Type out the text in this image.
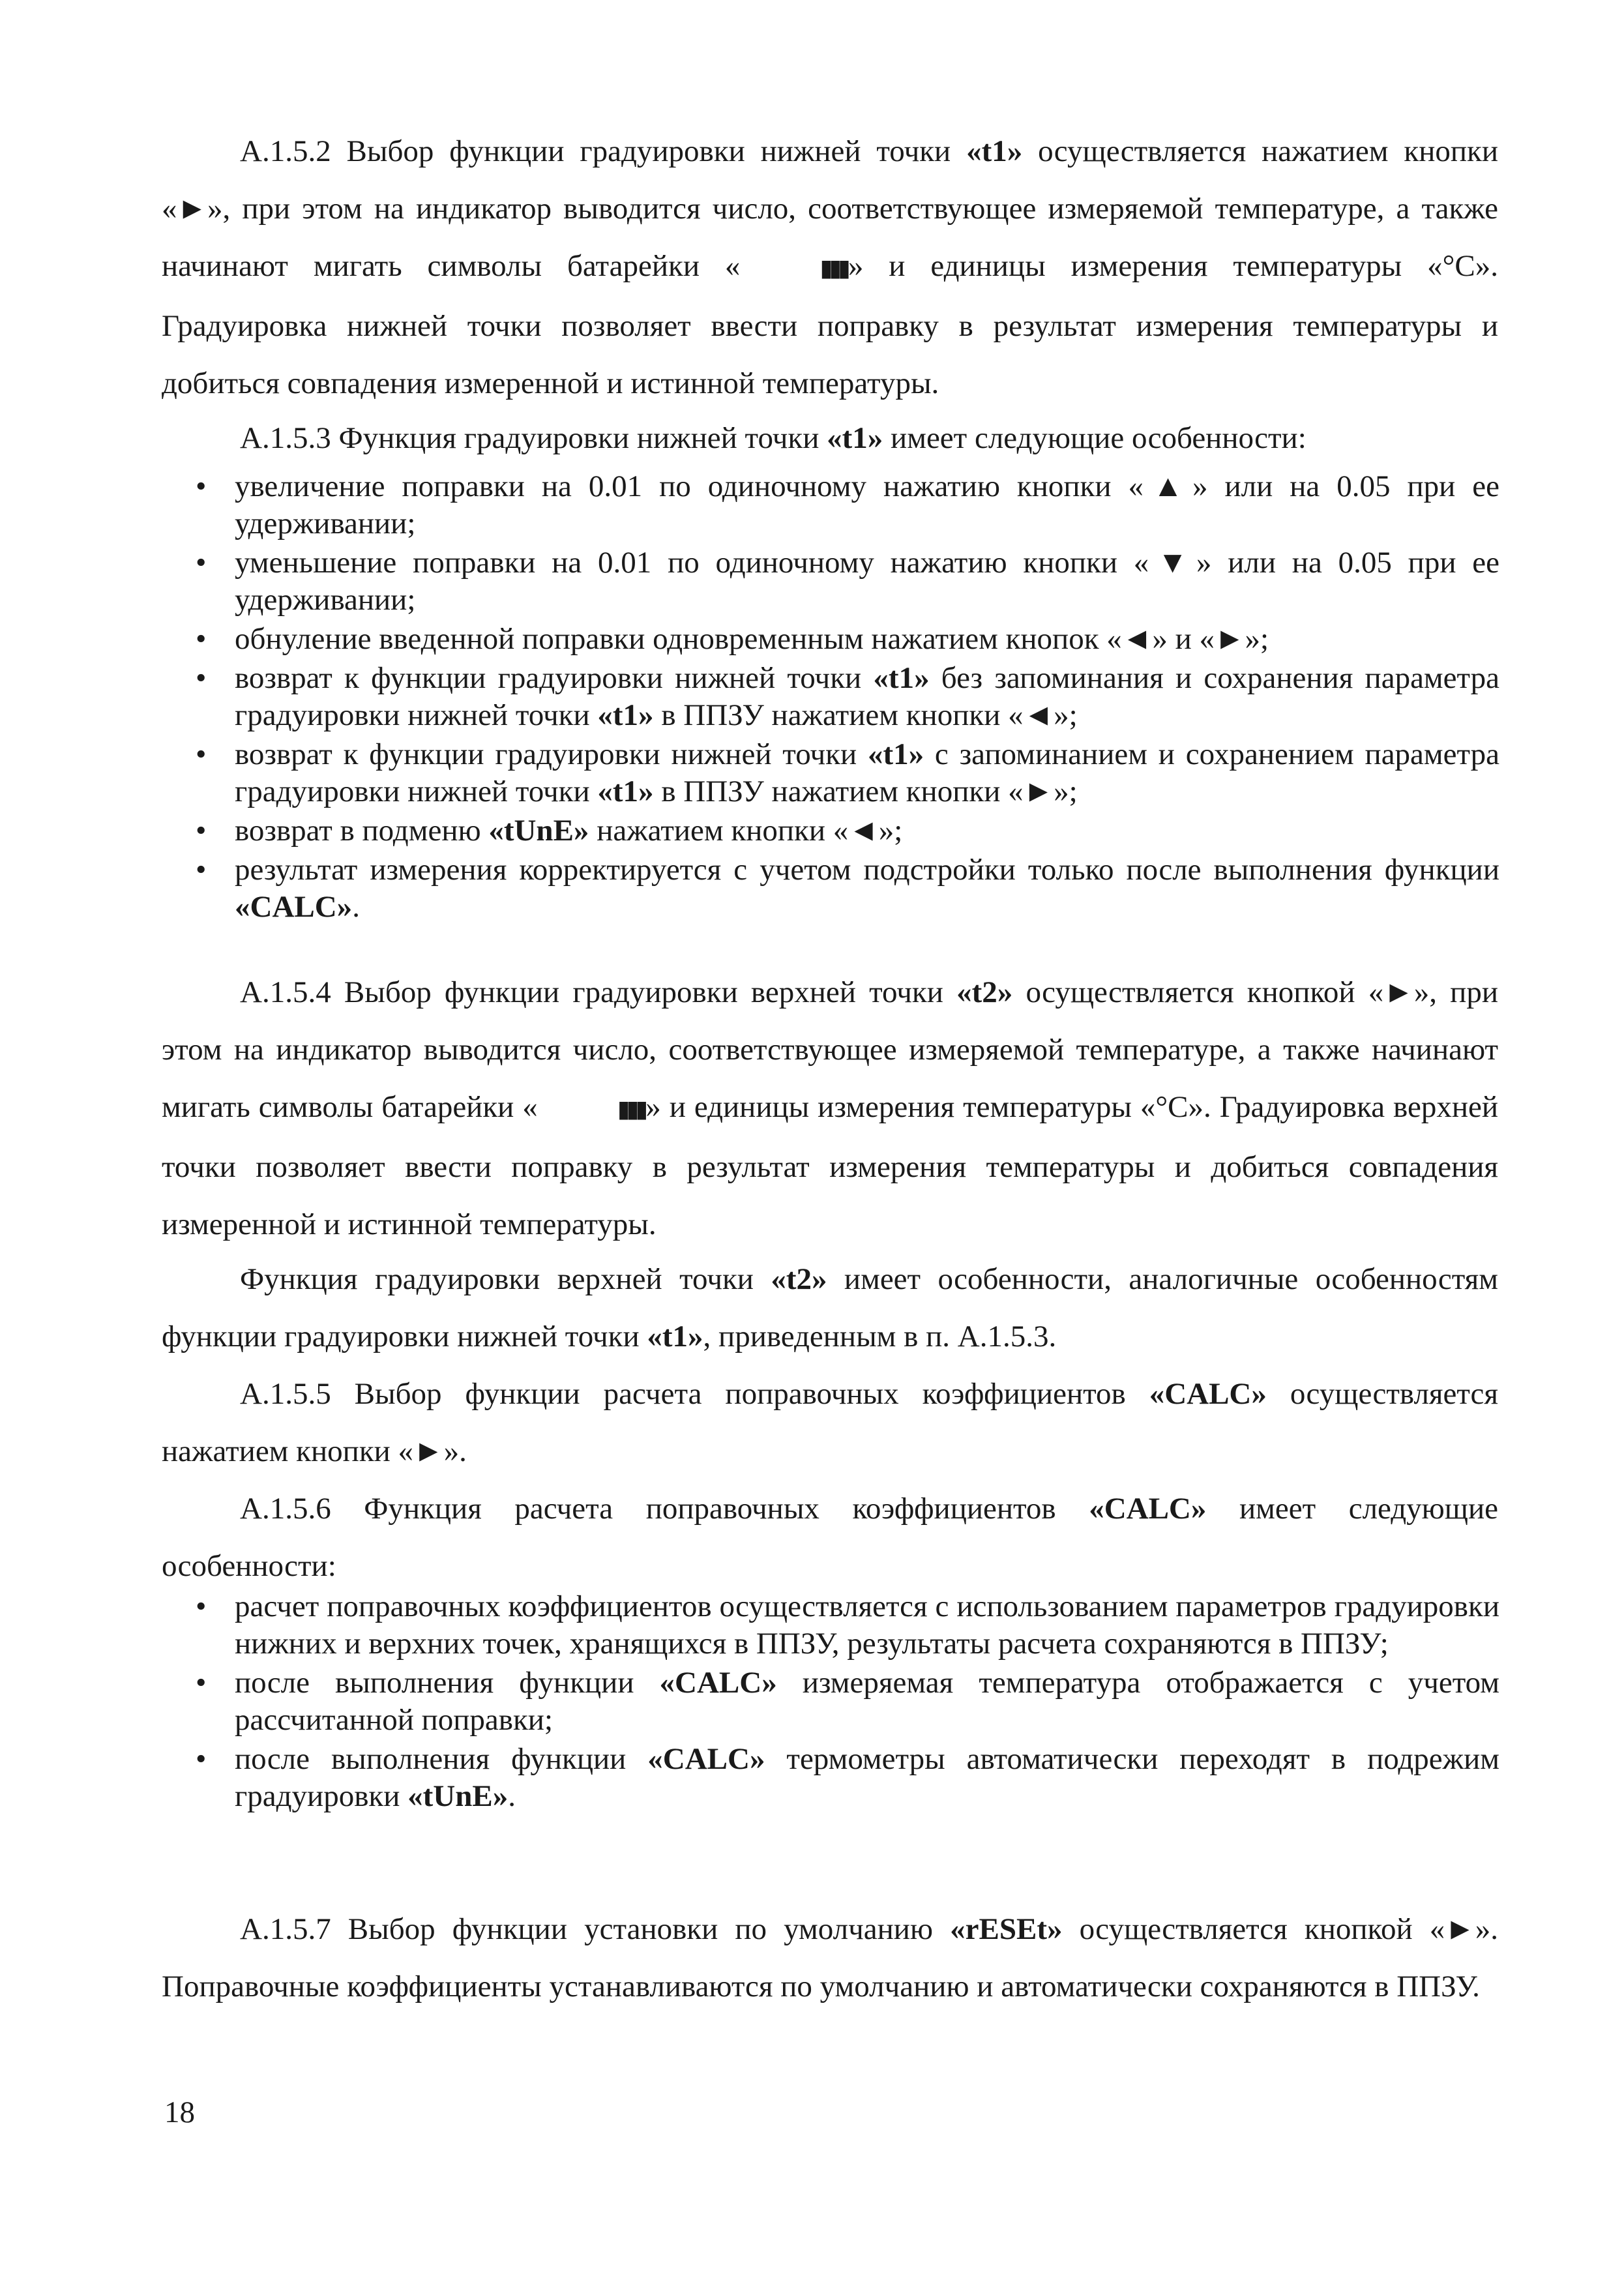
А.1.5.2 Выбор функции градуировки нижней точки «t1» осуществляется нажатием кнопки «►», при этом на индикатор выводится число, соответствующее измеряемой температуре, а также начинают мигать символы батарейки «	▮▮▮» и единицы измерения температуры «°C». Градуировка нижней точки позволяет ввести поправку в результат измерения температуры и добиться совпадения измеренной и истинной температуры.

А.1.5.3 Функция градуировки нижней точки «t1» имеет следующие особенности:

• увеличение поправки на 0.01 по одиночному нажатию кнопки «▲» или на 0.05 при ее удерживании;
• уменьшение поправки на 0.01 по одиночному нажатию кнопки «▼» или на 0.05 при ее удерживании;
• обнуление введенной поправки одновременным нажатием кнопок «◄» и «►»;
• возврат к функции градуировки нижней точки «t1» без запоминания и сохранения параметра градуировки нижней точки «t1» в ППЗУ нажатием кнопки «◄»;
• возврат к функции градуировки нижней точки «t1» с запоминанием и сохранением параметра градуировки нижней точки «t1» в ППЗУ нажатием кнопки «►»;
• возврат в подменю «tUnE» нажатием кнопки «◄»;
• результат измерения корректируется с учетом подстройки только после выполнения функции «CALC».

А.1.5.4 Выбор функции градуировки верхней точки «t2» осуществляется кнопкой «►», при этом на индикатор выводится число, соответствующее измеряемой температуре, а также начинают мигать символы батарейки «	▮▮▮» и единицы измерения температуры «°C». Градуировка верхней точки позволяет ввести поправку в результат измерения температуры и добиться совпадения измеренной и истинной температуры.

Функция градуировки верхней точки «t2» имеет особенности, аналогичные особенностям функции градуировки нижней точки «t1», приведенным в п. А.1.5.3.

А.1.5.5 Выбор функции расчета поправочных коэффициентов «CALC» осуществляется нажатием кнопки «►».

А.1.5.6 Функция расчета поправочных коэффициентов «CALC» имеет следующие особенности:

• расчет поправочных коэффициентов осуществляется с использованием параметров градуировки нижних и верхних точек, хранящихся в ППЗУ, результаты расчета сохраняются в ППЗУ;
• после выполнения функции «CALC» измеряемая температура отображается с учетом рассчитанной поправки;
• после выполнения функции «CALC» термометры автоматически переходят в подрежим градуировки «tUnE».

А.1.5.7 Выбор функции установки по умолчанию «rESEt» осуществляется кнопкой «►». Поправочные коэффициенты устанавливаются по умолчанию и автоматически сохраняются в ППЗУ.

18
